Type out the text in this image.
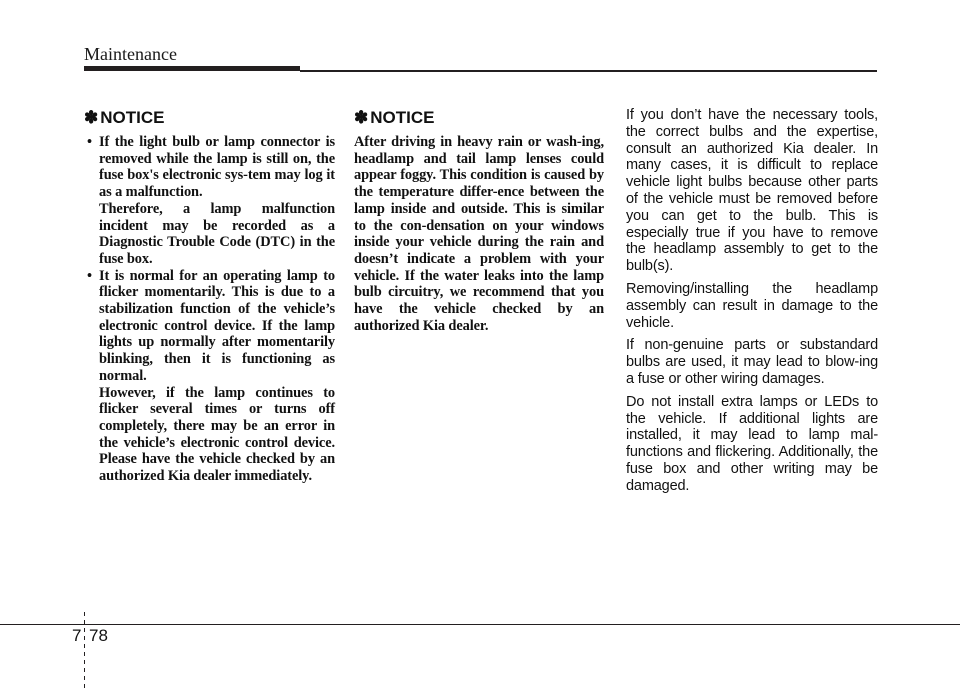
Maintenance
✽ NOTICE

• If the light bulb or lamp connector is removed while the lamp is still on, the fuse box's electronic sys-tem may log it as a malfunction.

Therefore, a lamp malfunction incident may be recorded as a Diagnostic Trouble Code (DTC) in the fuse box.

• It is normal for an operating lamp to flicker momentarily. This is due to a stabilization function of the vehicle’s electronic control device. If the lamp lights up normally after momentarily blinking, then it is functioning as normal.

However, if the lamp continues to flicker several times or turns off completely, there may be an error in the vehicle’s electronic control device. Please have the vehicle checked by an authorized Kia dealer immediately.

✽ NOTICE

After driving in heavy rain or wash-ing, headlamp and tail lamp lenses could appear foggy. This condition is caused by the temperature differ-ence between the lamp inside and outside. This is similar to the con-densation on your windows inside your vehicle during the rain and doesn’t indicate a problem with your vehicle. If the water leaks into the lamp bulb circuitry, we recommend that you have the vehicle checked by an authorized Kia dealer.

If you don’t have the necessary tools, the correct bulbs and the expertise, consult an authorized Kia dealer. In many cases, it is difficult to replace vehicle light bulbs because other parts of the vehicle must be removed before you can get to the bulb. This is especially true if you have to remove the headlamp assembly to get to the bulb(s).

Removing/installing the headlamp assembly can result in damage to the vehicle.

If non-genuine parts or substandard bulbs are used, it may lead to blow-ing a fuse or other wiring damages.

Do not install extra lamps or LEDs to the vehicle. If additional lights are installed, it may lead to lamp mal-functions and flickering. Additionally, the fuse box and other writing may be damaged.

7 78
